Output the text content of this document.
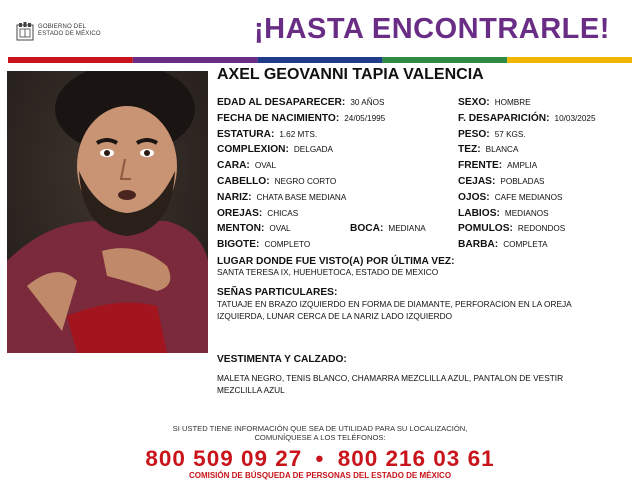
GOBIERNO DEL
ESTADO DE MÉXICO	¡HASTA ENCONTRARLE!
AXEL GEOVANNI TAPIA VALENCIA
EDAD AL DESAPARECER: 30 AÑOS
FECHA DE NACIMIENTO: 24/05/1995
ESTATURA: 1.62 MTS.
COMPLEXION: DELGADA
CARA: OVAL
CABELLO: NEGRO CORTO
NARIZ: CHATA BASE MEDIANA
OREJAS: CHICAS
MENTON: OVAL
BIGOTE: COMPLETO
SEXO: HOMBRE
F. DESAPARICIÓN: 10/03/2025
PESO: 57 KGS.
TEZ: BLANCA
FRENTE: AMPLIA
CEJAS: POBLADAS
OJOS: CAFE MEDIANOS
LABIOS: MEDIANOS
POMULOS: REDONDOS
BARBA: COMPLETA
BOCA: MEDIANA
LUGAR DONDE FUE VISTO(A) POR ÚLTIMA VEZ:
SANTA TERESA IX, HUEHUETOCA, ESTADO DE MEXICO
SEÑAS PARTICULARES:
TATUAJE EN BRAZO IZQUIERDO EN FORMA DE DIAMANTE, PERFORACION EN LA OREJA
IZQUIERDA, LUNAR CERCA DE LA NARIZ LADO IZQUIERDO
VESTIMENTA Y CALZADO:
MALETA NEGRO, TENIS BLANCO, CHAMARRA MEZCLILLA AZUL, PANTALON DE VESTIR
MEZCLILLA AZUL
SI USTED TIENE INFORMACIÓN QUE SEA DE UTILIDAD PARA SU LOCALIZACIÓN,
COMUNÍQUESE A LOS TELÉFONOS:
800 509 09 27 • 800 216 03 61
COMISIÓN DE BÚSQUEDA DE PERSONAS DEL ESTADO DE MÉXICO
